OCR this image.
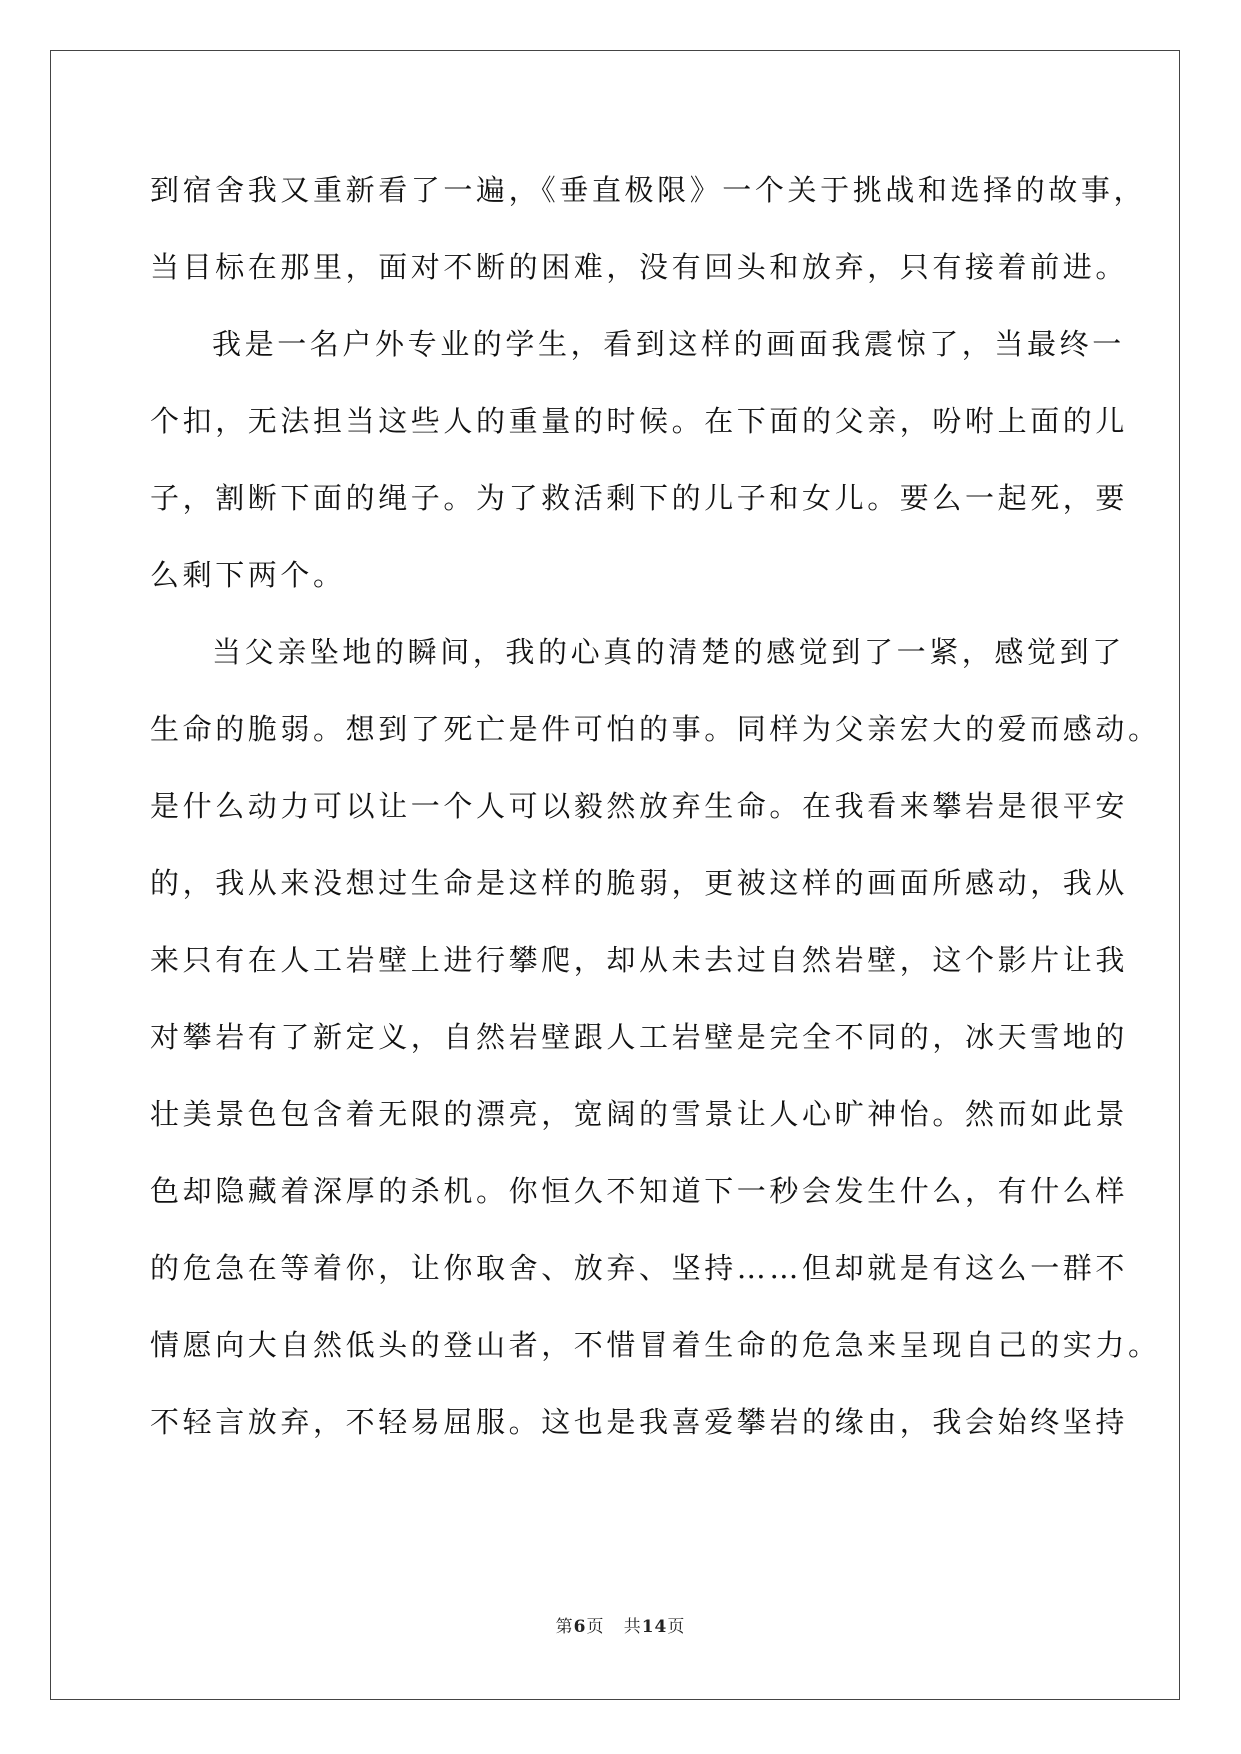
到宿舍我又重新看了一遍，《垂直极限》一个关于挑战和选择的故事，
当目标在那里，面对不断的困难，没有回头和放弃，只有接着前进。
我是一名户外专业的学生，看到这样的画面我震惊了，当最终一
个扣，无法担当这些人的重量的时候。在下面的父亲，吩咐上面的儿
子，割断下面的绳子。为了救活剩下的儿子和女儿。要么一起死，要
么剩下两个。
当父亲坠地的瞬间，我的心真的清楚的感觉到了一紧，感觉到了
生命的脆弱。想到了死亡是件可怕的事。同样为父亲宏大的爱而感动。
是什么动力可以让一个人可以毅然放弃生命。在我看来攀岩是很平安
的，我从来没想过生命是这样的脆弱，更被这样的画面所感动，我从
来只有在人工岩壁上进行攀爬，却从未去过自然岩壁，这个影片让我
对攀岩有了新定义，自然岩壁跟人工岩壁是完全不同的，冰天雪地的
壮美景色包含着无限的漂亮，宽阔的雪景让人心旷神怡。然而如此景
色却隐藏着深厚的杀机。你恒久不知道下一秒会发生什么，有什么样
的危急在等着你，让你取舍、放弃、坚持……但却就是有这么一群不
情愿向大自然低头的登山者，不惜冒着生命的危急来呈现自己的实力。
不轻言放弃，不轻易屈服。这也是我喜爱攀岩的缘由，我会始终坚持
第6页 共14页
